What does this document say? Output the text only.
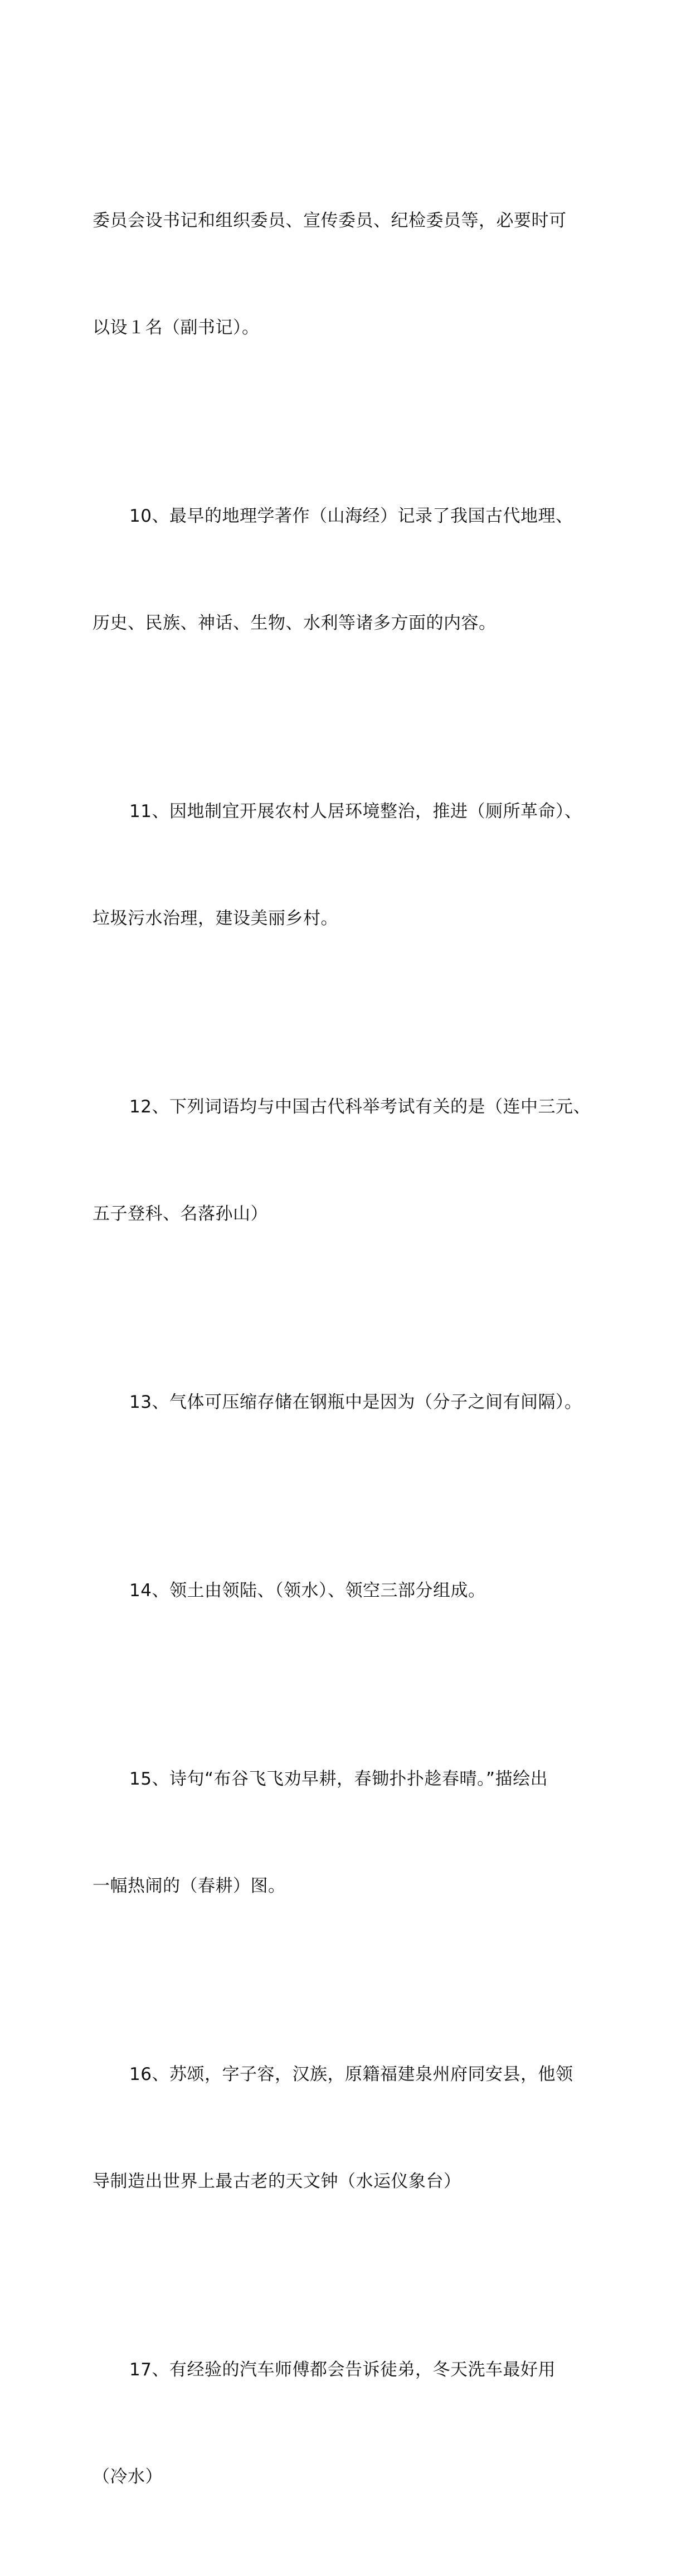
委员会设书记和组织委员、宣传委员、纪检委员等，必要时可

以设１名（副书记）。

10、最早的地理学著作（山海经）记录了我国古代地理、

历史、民族、神话、生物、水利等诸多方面的内容。

11、因地制宜开展农村人居环境整治，推进（厕所革命）、

垃圾污水治理，建设美丽乡村。

12、下列词语均与中国古代科举考试有关的是（连中三元、

五子登科、名落孙山）

13、气体可压缩存储在钢瓶中是因为（分子之间有间隔）。

14、领土由领陆、（领水）、领空三部分组成。

15、诗句“布谷飞飞劝早耕，春锄扑扑趁春晴。”描绘出

一幅热闹的（春耕）图。

16、苏颂，字子容，汉族，原籍福建泉州府同安县，他领

导制造出世界上最古老的天文钟（水运仪象台）

17、有经验的汽车师傅都会告诉徒弟，冬天洗车最好用

（冷水）
